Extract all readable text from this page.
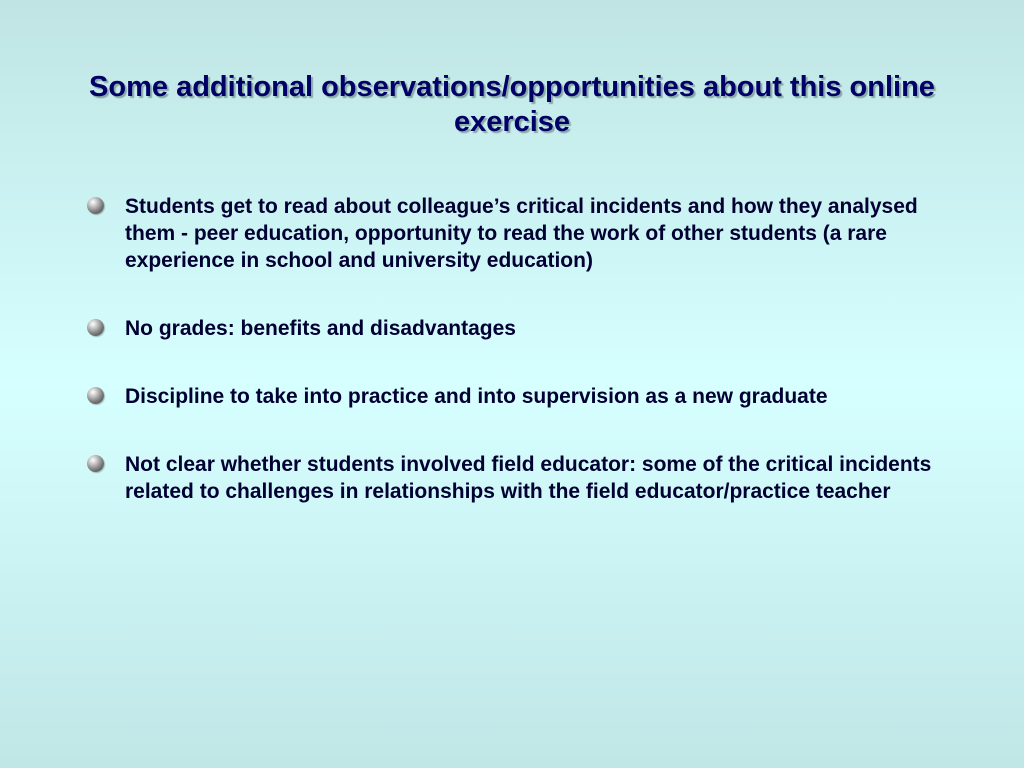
Some additional observations/opportunities about this online exercise
Students get to read about colleague’s critical incidents and how they analysed them - peer education, opportunity to read the work of other students (a rare experience in school and university education)
No grades: benefits and disadvantages
Discipline to take into practice and into supervision as a new graduate
Not clear whether students involved field educator: some of the critical incidents related to challenges in relationships with the field educator/practice teacher
